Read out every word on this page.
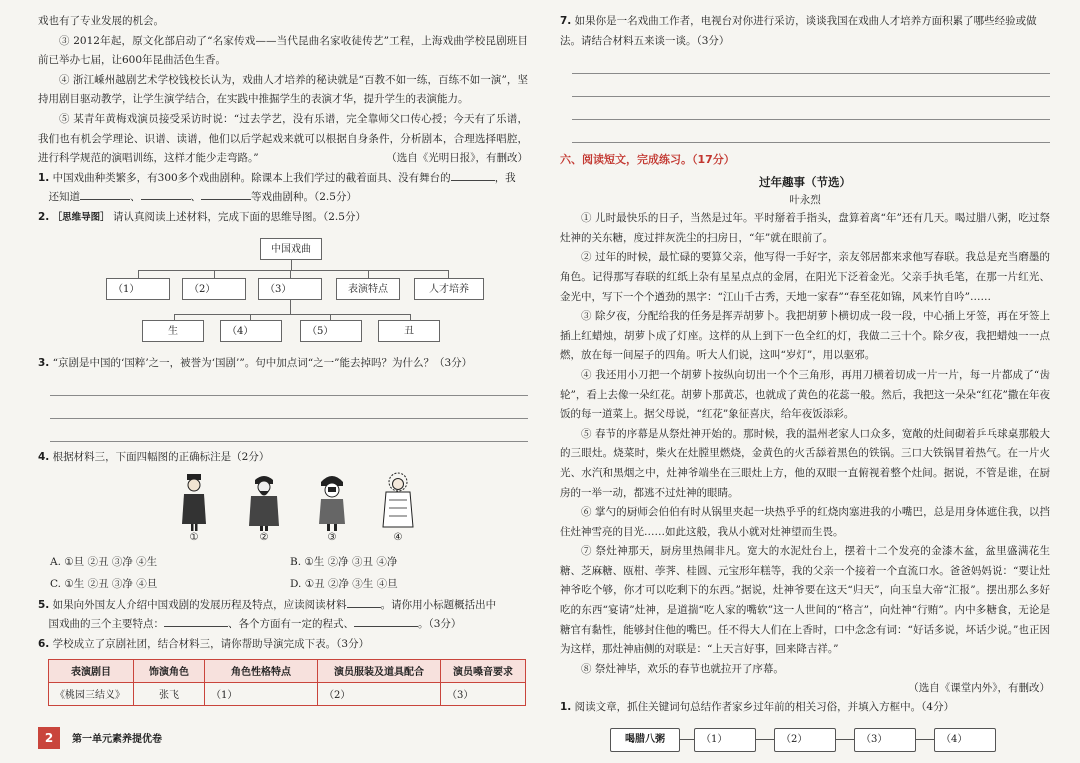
戏也有了专业发展的机会。

③ 2012年起，原文化部启动了“名家传戏——当代昆曲名家收徒传艺”工程，上海戏曲学校昆剧班目前已举办七届，让600年昆曲活色生香。

④ 浙江嵊州越剧艺术学校钱校长认为，戏曲人才培养的秘诀就是“百教不如一练，百练不如一演”，坚持用剧目驱动教学，让学生演学结合，在实践中推掘学生的表演才华，提升学生的表演能力。

⑤ 某青年黄梅戏演员接受采访时说：“过去学艺，没有乐谱，完全靠师父口传心授；今天有了乐谱，我们也有机会学理论、识谱、读谱，他们以后学起戏来就可以根据自身条件，分析剧本，合理选择唱腔，进行科学规范的演唱训练，这样才能少走弯路。”	（选自《光明日报》，有删改）

1. 中国戏曲种类繁多，有300多个戏曲剧种。除课本上我们学过的截着面具、没有舞台的	，我
 还知道	、	、	等戏曲剧种。（2.5分）

2. ［思维导图］ 请认真阅读上述材料，完成下面的思维导图。（2.5分）

中国戏曲
（1）	（2）	（3）	表演特点	人才培养
生	（4）	（5）	丑

3. “京剧是中国的‘国粹’之一，被誉为‘国剧’”。句中加点词“之一”能去掉吗？为什么？（3分）

4. 根据材料三，下面四幅图的正确标注是（2分）

①	②	③	④
A. ①旦 ②丑 ③净 ④生	B. ①生 ②净 ③丑 ④净
C. ①生 ②丑 ③净 ④旦	D. ①丑 ②净 ③生 ④旦

5. 如果向外国友人介绍中国戏剧的发展历程及特点，应读阅读材料	。请你用小标题概括出中
 国戏曲的三个主要特点：	、各个方面有一定的程式、	。（3分）

6. 学校成立了京剧社团，结合材料三，请你帮助导演完成下表。（3分）

表演剧目	饰演角色	角色性格特点	演员服装及道具配合	演员嗓音要求
《桃园三结义》	张飞	（1）	（2）	（3）
2	第一单元素养提优卷

7. 如果你是一名戏曲工作者，电视台对你进行采访，谈谈我国在戏曲人才培养方面积累了哪些经验或做法。请结合材料五来谈一谈。（3分）

六、阅读短文，完成练习。（17分）

过年趣事（节选）

叶永烈

① 儿时最快乐的日子，当然是过年。平时掰着手指头，盘算着离“年”还有几天。喝过腊八粥，吃过祭灶神的关东糖，度过拌灰洗尘的扫房日，“年”就在眼前了。

② 过年的时候，最忙碌的要算父亲，他写得一手好字，亲友邻居都来求他写春联。我总是充当磨墨的角色。记得那写春联的红纸上杂有星星点点的金屑，在阳光下泛着金光。父亲手执毛笔，在那一片红光、金光中，写下一个个遒劲的黑字：“江山千古秀，天地一家春”“春至花如锦，风来竹自吟”……

③ 除夕夜，分配给我的任务是挥弄胡萝卜。我把胡萝卜横切成一段一段，中心插上牙签，再在牙签上插上红蜡烛，胡萝卜成了灯座。这样的从上到下一色全红的灯，我做二三十个。除夕夜，我把蜡烛一一点燃，放在每一间屋子的四角。听大人们说，这叫“岁灯”，用以驱邪。

④ 我还用小刀把一个胡萝卜按纵向切出一个个三角形，再用刀横着切成一片一片，每一片都成了“齿轮”，看上去像一朵红花。胡萝卜那黄芯，也就成了黄色的花蕊一般。然后，我把这一朵朵“红花”撒在年夜饭的每一道菜上。据父母说，“红花”象征喜庆，给年夜饭添彩。

⑤ 春节的序幕是从祭灶神开始的。那时候，我的温州老家人口众多，宽敞的灶间砌着乒乓球桌那般大的三眼灶。烧菜时，柴火在灶膛里燃烧，金黄色的火舌舔着黑色的铁锅。三口大铁锅冒着热气。在一片火光、水汽和黑烟之中，灶神爷端坐在三眼灶上方，他的双眼一直俯视着整个灶间。据说，不管是谁，在厨房的一举一动，都逃不过灶神的眼睛。

⑥ 掌勺的厨师会伯伯有时从锅里夹起一块热乎乎的红烧肉塞进我的小嘴巴，总是用身体遮住我，以挡住灶神雪亮的目光……如此这般，我从小就对灶神望而生畏。

⑦ 祭灶神那天，厨房里热闹非凡。宽大的水泥灶台上，摆着十二个发亮的金漆木盆，盆里盛满花生糖、芝麻糖、瓯柑、荸荠、桂圆、元宝形年糕等，我的父亲一个接着一个直流口水。爸爸妈妈说：“要让灶神爷吃个够，你才可以吃剩下的东西。”据说，灶神爷要在这天“归天”，向玉皇大帝“汇报”。摆出那么多好吃的东西“宴请”灶神，是道揣“吃人家的嘴软”这一人世间的“格言”，向灶神“行贿”。内中多糖食，无论是糖官有黏性，能够封住他的嘴巴。任不得大人们在上香时，口中念念有词：“好话多说，坏话少说。”也正因为这样，那灶神庙侧的对联是：“上天言好事，回来降吉祥。”

⑧ 祭灶神毕，欢乐的春节也就拉开了序幕。

（选自《课堂内外》，有删改）

1. 阅读文章，抓住关键词句总结作者家乡过年前的相关习俗，并填入方框中。（4分）

喝腊八粥	（1）	（2）	（3）	（4）
